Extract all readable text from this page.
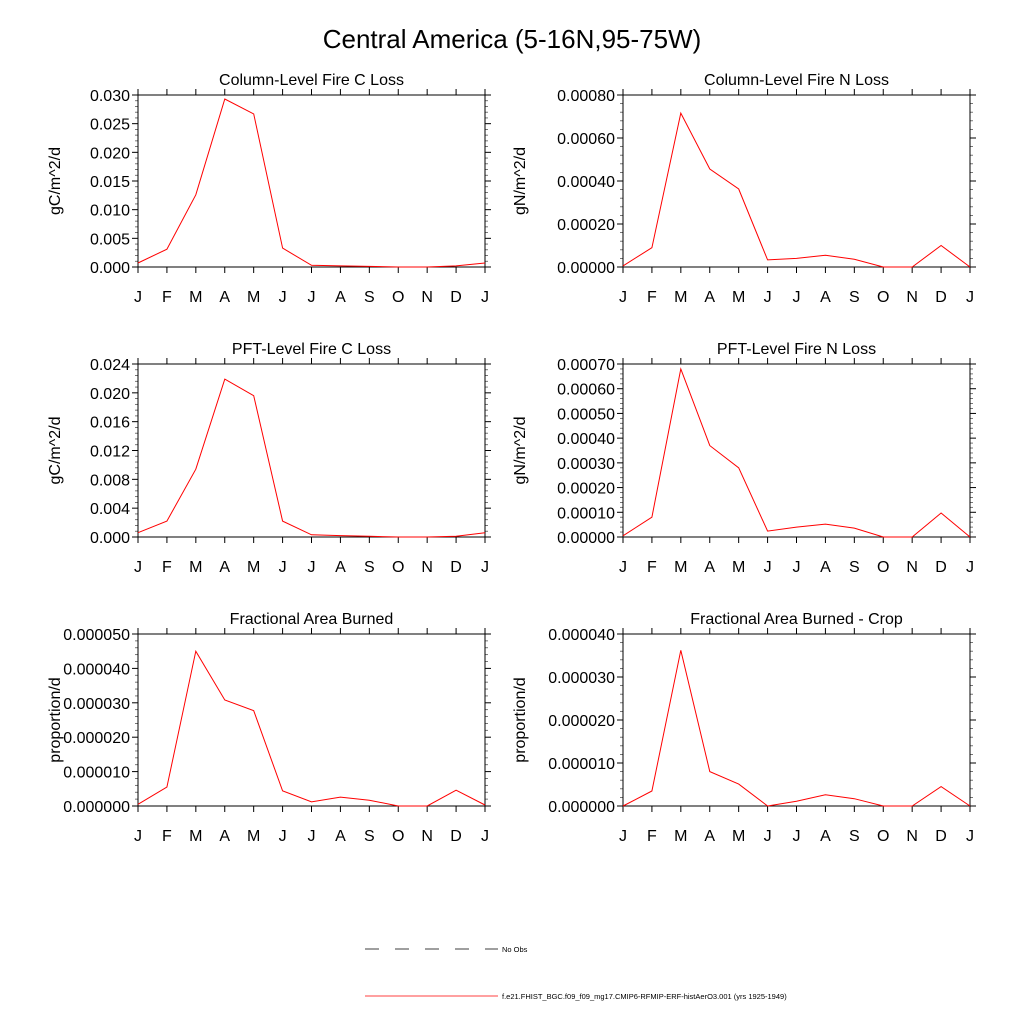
Central America (5-16N,95-75W)
Column-Level Fire C Loss
gC/m^2/d
J F M A M J J A S O N D J
0.000
0.005
0.010
0.015
0.020
0.025
0.030
Column-Level Fire N Loss
gN/m^2/d
J F M A M J J A S O N D J
0.00000
0.00020
0.00040
0.00060
0.00080
PFT-Level Fire C Loss
gC/m^2/d
J F M A M J J A S O N D J
0.000
0.004
0.008
0.012
0.016
0.020
0.024
PFT-Level Fire N Loss
gN/m^2/d
J F M A M J J A S O N D J
0.00000
0.00010
0.00020
0.00030
0.00040
0.00050
0.00060
0.00070
Fractional Area Burned
proportion/d
J F M A M J J A S O N D J
0.000000
0.000010
0.000020
0.000030
0.000040
0.000050
Fractional Area Burned - Crop
proportion/d
J F M A M J J A S O N D J
0.000000
0.000010
0.000020
0.000030
0.000040
No Obs
f.e21.FHIST_BGC.f09_f09_mg17.CMIP6-RFMIP-ERF-histAerO3.001 (yrs 1925-1949)
